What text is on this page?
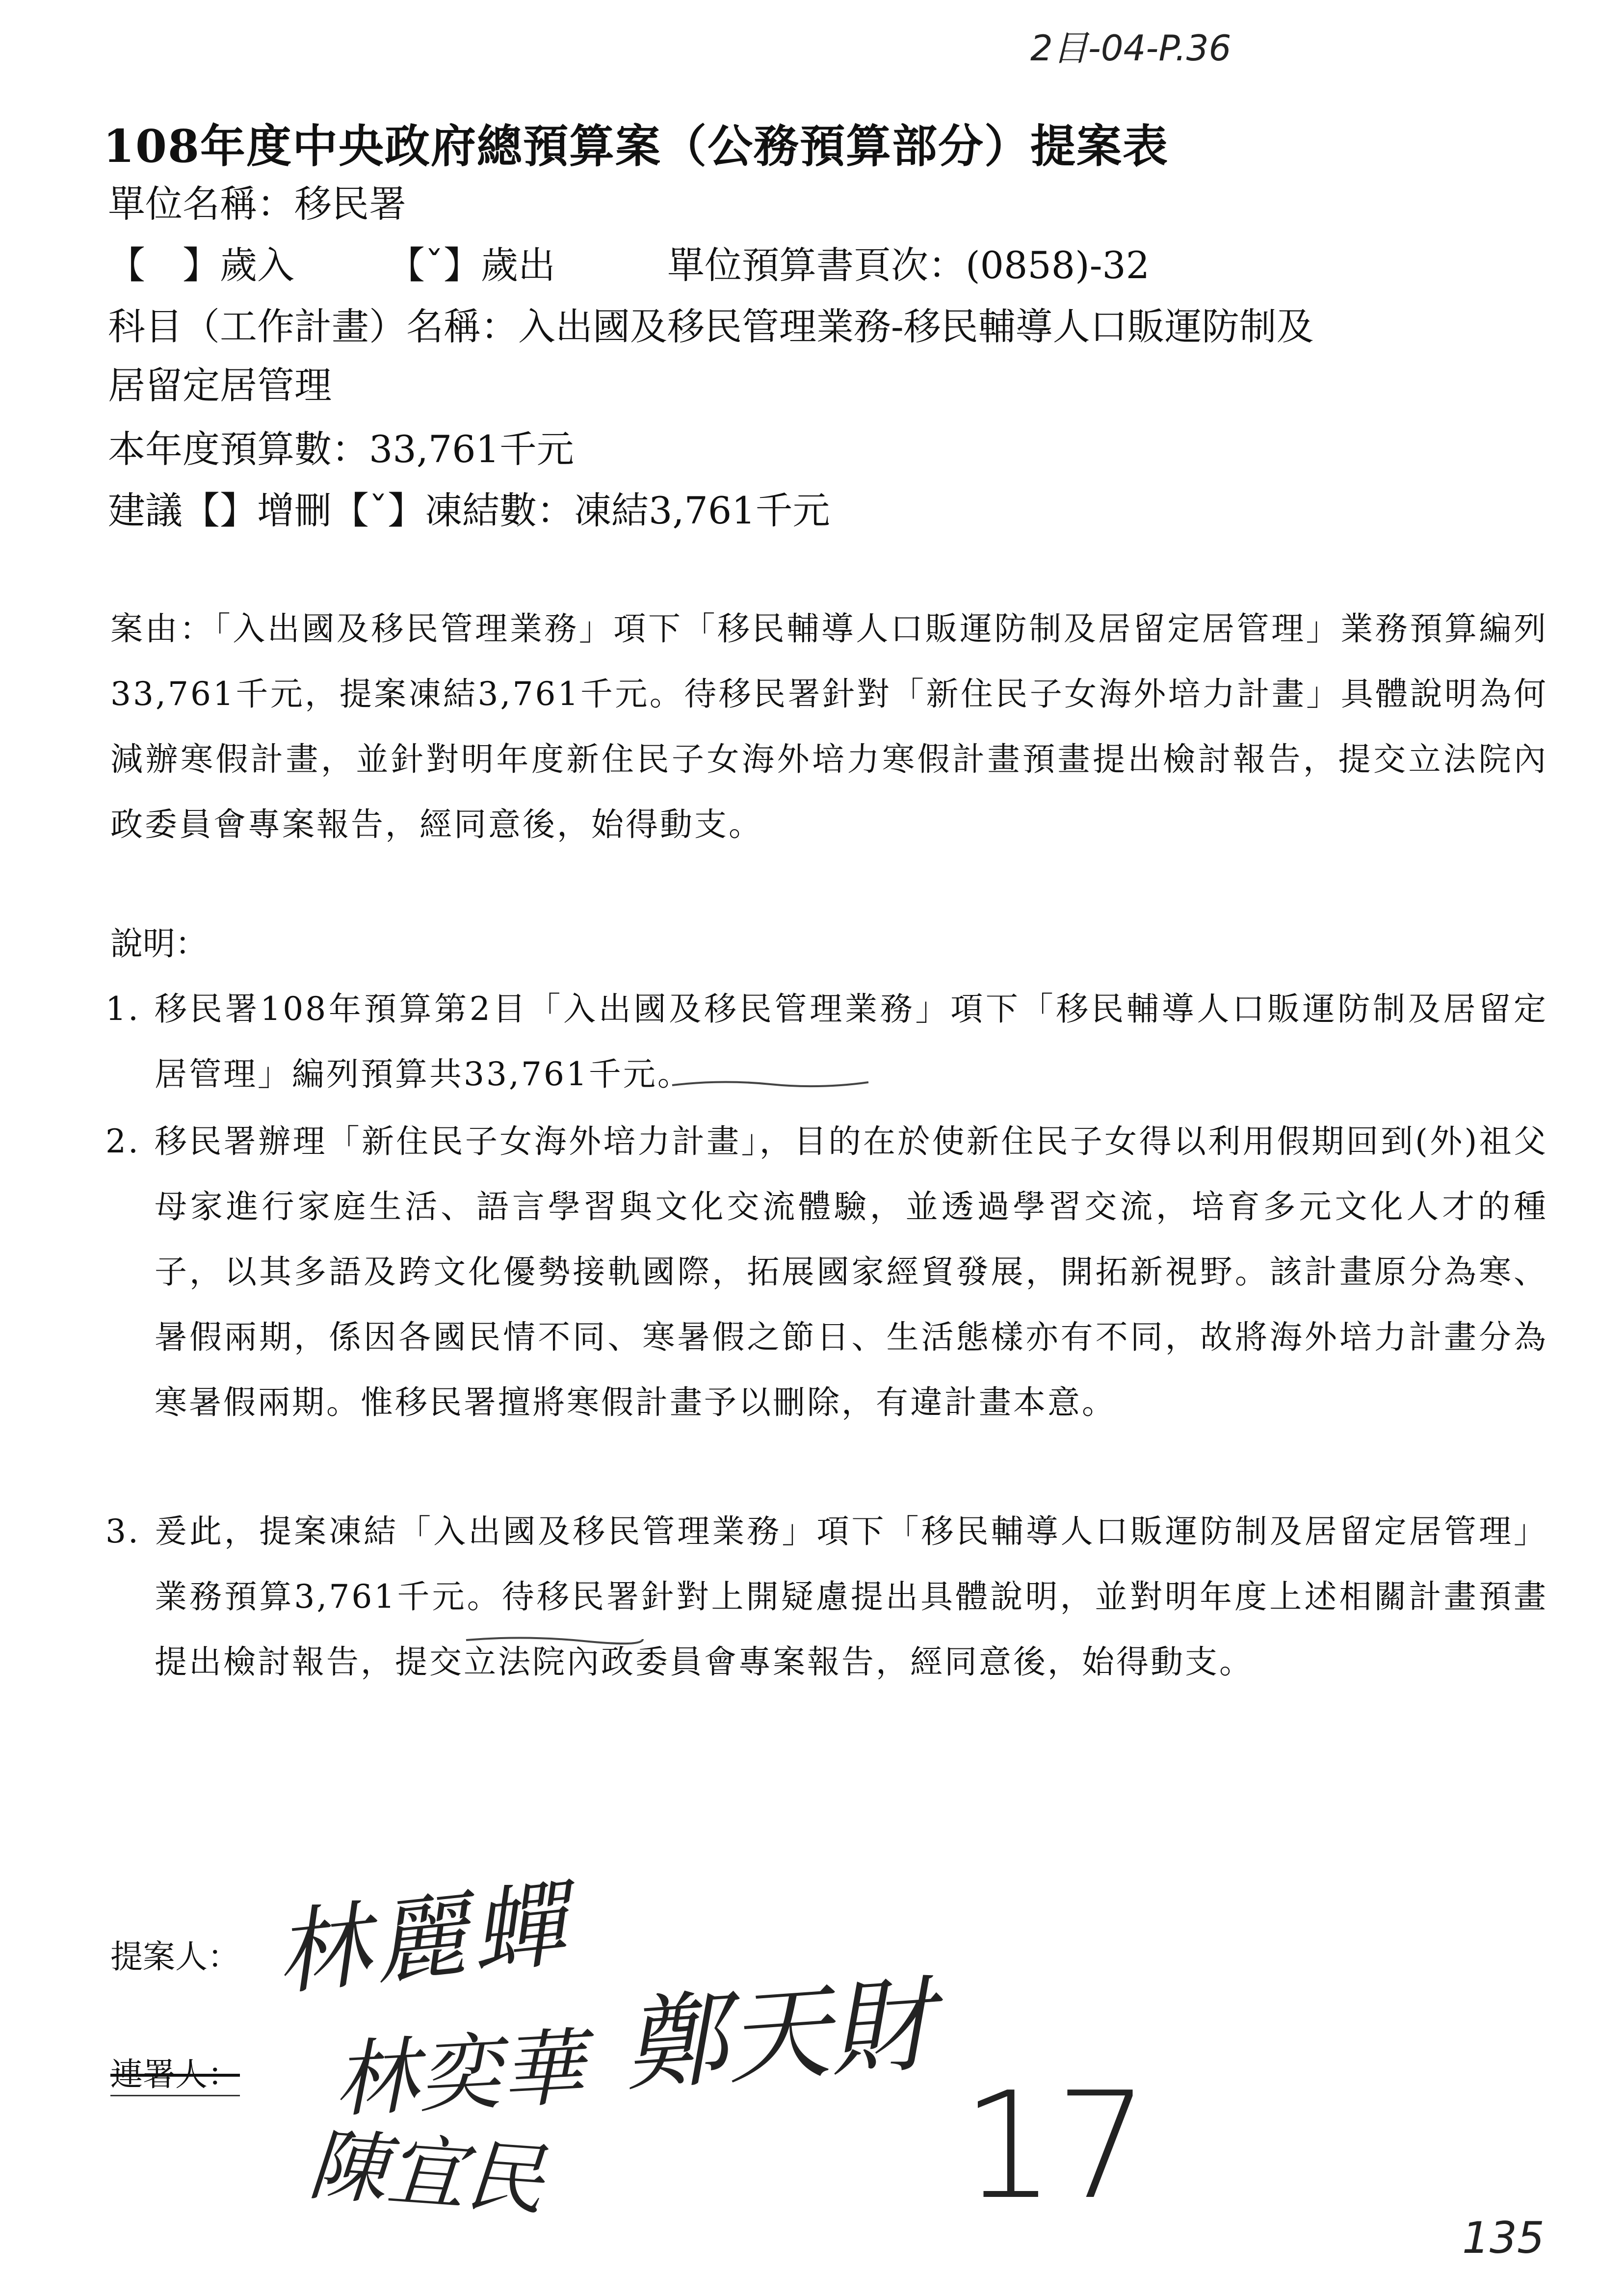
2目-04-P.36
108年度中央政府總預算案（公務預算部分）提案表
單位名稱：移民署
【　】歲入　　　【ˇ】歲出　　　單位預算書頁次：(0858)-32
科目（工作計畫）名稱：入出國及移民管理業務-移民輔導人口販運防制及
居留定居管理
本年度預算數：33,761千元
建議【】增刪【ˇ】凍結數：凍結3,761千元
案由：「入出國及移民管理業務」項下「移民輔導人口販運防制及居留定居管理」業務預算編列33,761千元，提案凍結3,761千元。待移民署針對「新住民子女海外培力計畫」具體說明為何減辦寒假計畫，並針對明年度新住民子女海外培力寒假計畫預畫提出檢討報告，提交立法院內政委員會專案報告，經同意後，始得動支。
說明：
1. 移民署108年預算第2目「入出國及移民管理業務」項下「移民輔導人口販運防制及居留定居管理」編列預算共33,761千元。
2. 移民署辦理「新住民子女海外培力計畫」，目的在於使新住民子女得以利用假期回到(外)祖父母家進行家庭生活、語言學習與文化交流體驗，並透過學習交流，培育多元文化人才的種子，以其多語及跨文化優勢接軌國際，拓展國家經貿發展，開拓新視野。該計畫原分為寒、暑假兩期，係因各國民情不同、寒暑假之節日、生活態樣亦有不同，故將海外培力計畫分為寒暑假兩期。惟移民署擅將寒假計畫予以刪除，有違計畫本意。
3. 爰此，提案凍結「入出國及移民管理業務」項下「移民輔導人口販運防制及居留定居管理」業務預算3,761千元。待移民署針對上開疑慮提出具體說明，並對明年度上述相關計畫預畫提出檢討報告，提交立法院內政委員會專案報告，經同意後，始得動支。
提案人：
連署人：
林麗蟬
林奕華 鄭天財
陳宜民	17
135
